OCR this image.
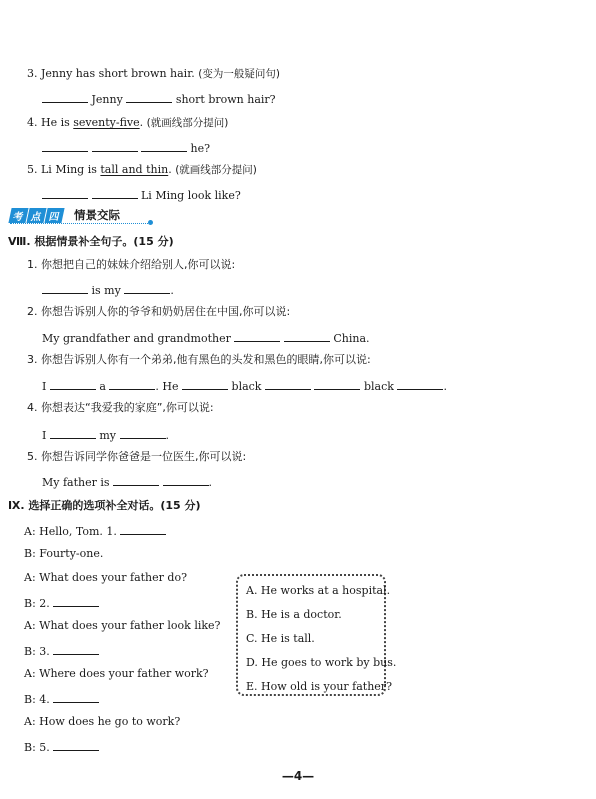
3. Jenny has short brown hair. (变为一般疑问句)
Jenny	short brown hair?
4. He is seventy-five. (就画线部分提问)
he?
5. Li Ming is tall and thin. (就画线部分提问)
Li Ming look like?
考 点 四	情景交际
Ⅷ. 根据情景补全句子。(15 分)
1. 你想把自己的妹妹介绍给别人,你可以说:
is my	.
2. 你想告诉别人你的爷爷和奶奶居住在中国,你可以说:
My grandfather and grandmother	China.
3. 你想告诉别人你有一个弟弟,他有黑色的头发和黑色的眼睛,你可以说:
I	a	. He	black	black	.
4. 你想表达“我爱我的家庭”,你可以说:
I	my	.
5. 你想告诉同学你爸爸是一位医生,你可以说:
My father is	.
Ⅸ. 选择正确的选项补全对话。(15 分)
A: Hello, Tom. 1.
B: Fourty-one.
A: What does your father do?
B: 2.
A: What does your father look like?
B: 3.
A: Where does your father work?
B: 4.
A: How does he go to work?
B: 5.
A. He works at a hospital.
B. He is a doctor.
C. He is tall.
D. He goes to work by bus.
E. How old is your father?
—4—
